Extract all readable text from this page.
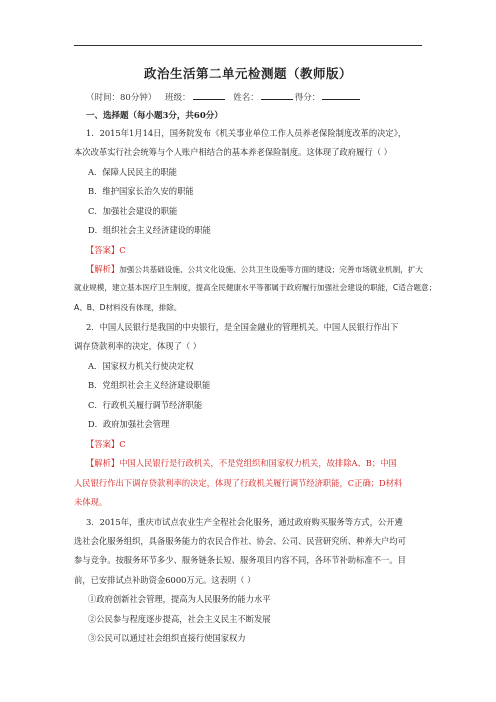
政治生活第二单元检测题（教师版）
（时间：80分钟） 班级：	姓名：	得分：
一、选择题（每小题3分，共60分）
1．2015年1月14日，国务院发布《机关事业单位工作人员养老保险制度改革的决定》，
本次改革实行社会统筹与个人账户相结合的基本养老保险制度。这体现了政府履行（ ）
A．保障人民民主的职能
B．维护国家长治久安的职能
C．加强社会建设的职能
D．组织社会主义经济建设的职能
【答案】C
【解析】加强公共基础设施、公共文化设施、公共卫生设施等方面的建设；完善市场就业机制，扩大
就业规模，建立基本医疗卫生制度，提高全民健康水平等都属于政府履行加强社会建设的职能，C适合题意；
A、B、D材料没有体现，排除。
2．中国人民银行是我国的中央银行，是全国金融业的管理机关。中国人民银行作出下
调存贷款利率的决定，体现了（ ）
A．国家权力机关行使决定权
B．党组织社会主义经济建设职能
C．行政机关履行调节经济职能
D．政府加强社会管理
【答案】C
【解析】中国人民银行是行政机关，不是党组织和国家权力机关，故排除A、B；中国
人民银行作出下调存贷款利率的决定，体现了行政机关履行调节经济职能，C正确；D材料
未体现。
3．2015年，重庆市试点农业生产全程社会化服务，通过政府购买服务等方式，公开遴
选社会化服务组织，具备服务能力的农民合作社、协会、公司、民营研究所、种养大户均可
参与竞争。按服务环节多少、服务链条长短、服务项目内容不同，各环节补助标准不一。目
前，已安排试点补助资金6000万元。这表明（ ）
①政府创新社会管理，提高为人民服务的能力水平
②公民参与程度逐步提高，社会主义民主不断发展
③公民可以通过社会组织直接行使国家权力
